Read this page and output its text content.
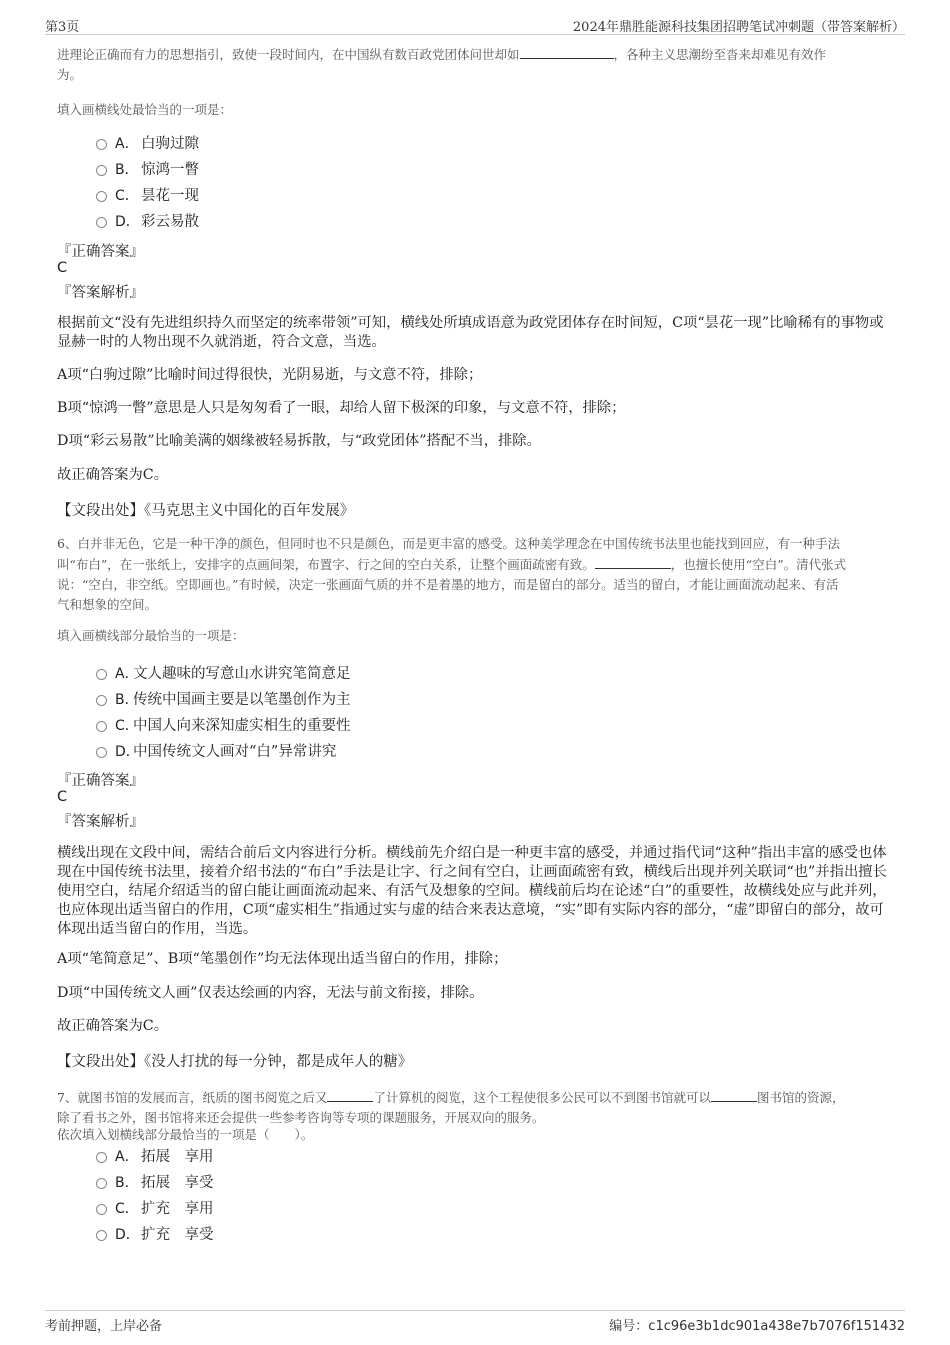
第3页	2024年鼎胜能源科技集团招聘笔试冲刺题（带答案解析）
进理论正确而有力的思想指引，致使一段时间内，在中国纵有数百政党团体问世却如	，各种主义思潮纷至沓来却难见有效作
为。
填入画横线处最恰当的一项是：
A． 白驹过隙
B． 惊鸿一瞥
C． 昙花一现
D．彩云易散
『正确答案』
C
『答案解析』
根据前文“没有先进组织持久而坚定的统率带领”可知，横线处所填成语意为政党团体存在时间短，C项“昙花一现”比喻稀有的事物或显赫一时的人物出现不久就消逝，符合文意，当选。
A项“白驹过隙”比喻时间过得很快，光阴易逝，与文意不符，排除；
B项“惊鸿一瞥”意思是人只是匆匆看了一眼，却给人留下极深的印象，与文意不符，排除；
D项“彩云易散”比喻美满的姻缘被轻易拆散，与“政党团体”搭配不当，排除。
故正确答案为C。
【文段出处】《马克思主义中国化的百年发展》
6、白并非无色，它是一种干净的颜色，但同时也不只是颜色，而是更丰富的感受。这种美学理念在中国传统书法里也能找到回应，有一种手法
叫“布白”，在一张纸上，安排字的点画间架，布置字、行之间的空白关系，让整个画面疏密有致。	，也擅长使用“空白”。清代张式
说：“空白，非空纸。空即画也。”有时候，决定一张画面气质的并不是着墨的地方，而是留白的部分。适当的留白，才能让画面流动起来、有活
气和想象的空间。
填入画横线部分最恰当的一项是：
A．文人趣味的写意山水讲究笔简意足
B．传统中国画主要是以笔墨创作为主
C．中国人向来深知虚实相生的重要性
D．中国传统文人画对“白”异常讲究
『正确答案』
C
『答案解析』
横线出现在文段中间，需结合前后文内容进行分析。横线前先介绍白是一种更丰富的感受，并通过指代词“这种”指出丰富的感受也体现在中国传统书法里，接着介绍书法的“布白”手法是让字、行之间有空白，让画面疏密有致，横线后出现并列关联词“也”并指出擅长使用空白，结尾介绍适当的留白能让画面流动起来、有活气及想象的空间。横线前后均在论述“白”的重要性，故横线处应与此并列，也应体现出适当留白的作用，C项“虚实相生”指通过实与虚的结合来表达意境，“实”即有实际内容的部分，“虚”即留白的部分，故可体现出适当留白的作用，当选。
A项“笔简意足”、B项“笔墨创作”均无法体现出适当留白的作用，排除；
D项“中国传统文人画”仅表达绘画的内容，无法与前文衔接，排除。
故正确答案为C。
【文段出处】《没人打扰的每一分钟，都是成年人的糖》
7、就图书馆的发展而言，纸质的图书阅览之后又	了计算机的阅览，这个工程使很多公民可以不到图书馆就可以	图书馆的资源，
除了看书之外，图书馆将来还会提供一些参考咨询等专项的课题服务，开展双向的服务。
依次填入划横线部分最恰当的一项是（　　）。
A． 拓展　享用
B． 拓展　享受
C． 扩充　享用
D．扩充　享受
考前押题，上岸必备	编号：c1c96e3b1dc901a438e7b7076f151432
